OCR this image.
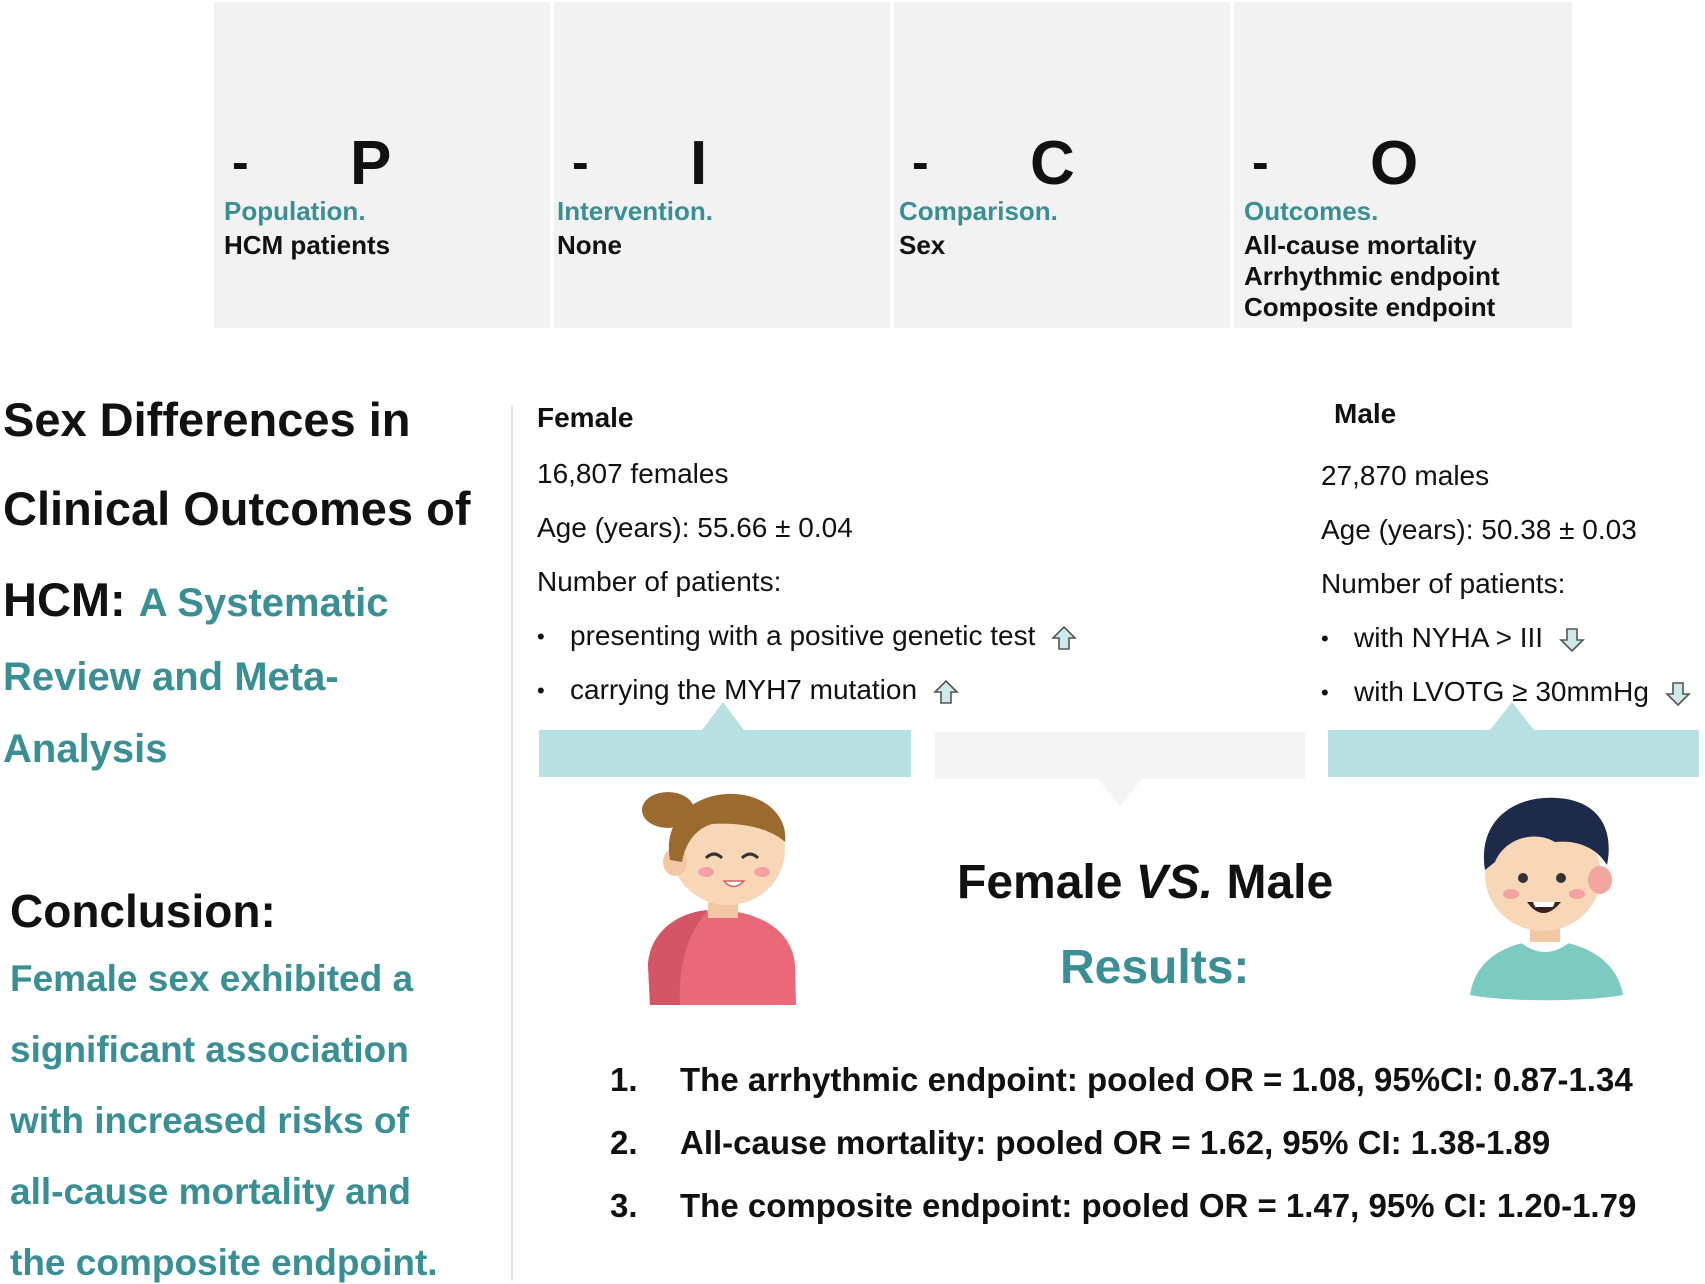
- P
Population.
HCM patients
- I
Intervention.
None
- C
Comparison.
Sex
- O
Outcomes.
All-cause mortality
Arrhythmic endpoint
Composite endpoint
Sex Differences in
Clinical Outcomes of
HCM: A Systematic
Review and Meta-
Analysis
Conclusion:
Female sex exhibited a
significant association
with increased risks of
all-cause mortality and
the composite endpoint.
Female
16,807 females
Age (years): 55.66 ± 0.04
Number of patients:
• presenting with a positive genetic test
• carrying the MYH7 mutation
Male
27,870 males
Age (years): 50.38 ± 0.03
Number of patients:
• with NYHA > III
• with LVOTG ≥ 30mmHg
Female VS. Male
Results:
1. The arrhythmic endpoint: pooled OR = 1.08, 95%CI: 0.87-1.34
2. All-cause mortality: pooled OR = 1.62, 95% CI: 1.38-1.89
3. The composite endpoint: pooled OR = 1.47, 95% CI: 1.20-1.79
